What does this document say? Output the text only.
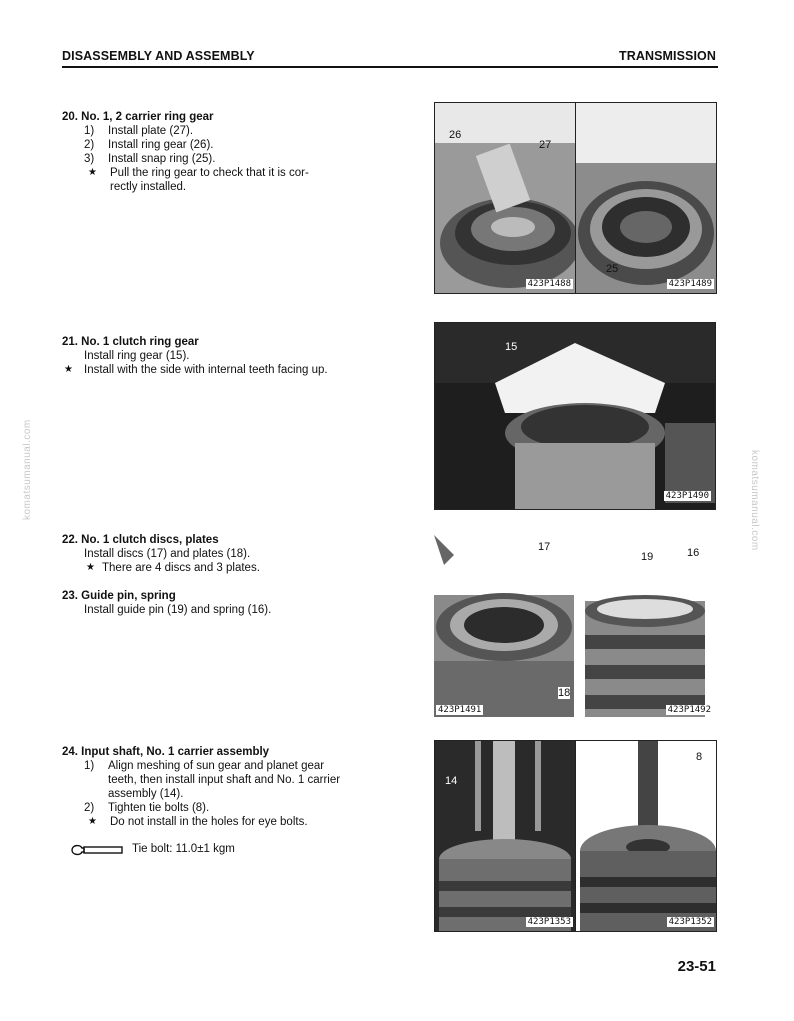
DISASSEMBLY AND ASSEMBLY	TRANSMISSION
komatsumanual.com	komatsumanual.com
20. No. 1, 2 carrier ring gear
1) Install plate (27).
2) Install ring gear (26).
3) Install snap ring (25).
★ Pull the ring gear to check that it is cor-
rectly installed.
21. No. 1 clutch ring gear
Install ring gear (15).
★ Install with the side with internal teeth facing up.
22. No. 1 clutch discs, plates
Install discs (17) and plates (18).
★ There are 4 discs and 3 plates.
23. Guide pin, spring
Install guide pin (19) and spring (16).
24. Input shaft, No. 1 carrier assembly
1) Align meshing of sun gear and planet gear
teeth, then install input shaft and No. 1 carrier
assembly (14).
2) Tighten tie bolts (8).
★ Do not install in the holes for eye bolts.
Tie bolt: 11.0±1 kgm
26
27
423P1488
25
423P1489
15
423P1490
17
18
423P1491
19	16
423P1492
14
423P1353
8
423P1352
23-51
